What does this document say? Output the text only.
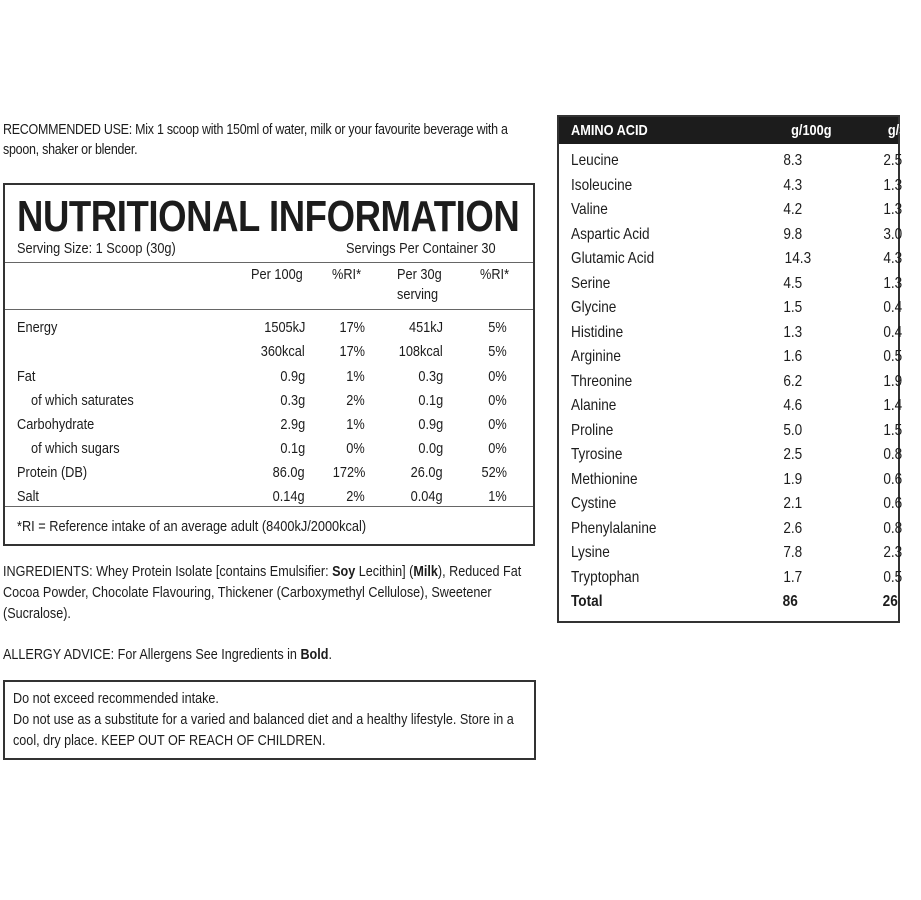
RECOMMENDED USE: Mix 1 scoop with 150ml of water, milk or your favourite beverage with a spoon, shaker or blender.
NUTRITIONAL INFORMATION
Serving Size: 1 Scoop (30g)	Servings Per Container 30
Per 100g %RI* Per 30g	%RI*
serving
Energy	1505kJ 17%	451kJ	5%
360kcal 17% 108kcal	5%
Fat	0.9g	1%	0.3g	0%
of which saturates	0.3g	2%	0.1g	0%
Carbohydrate	2.9g	1%	0.9g	0%
of which sugars	0.1g	0%	0.0g	0%
Protein (DB)	86.0g 172%	26.0g	52%
Salt	0.14g	2%	0.04g	1%
*RI = Reference intake of an average adult (8400kJ/2000kcal)
INGREDIENTS: Whey Protein Isolate [contains Emulsifier: Soy Lecithin] (Milk), Reduced Fat Cocoa Powder, Chocolate Flavouring, Thickener (Carboxymethyl Cellulose), Sweetener (Sucralose).
ALLERGY ADVICE: For Allergens See Ingredients in Bold.
Do not exceed recommended intake.
Do not use as a substitute for a varied and balanced diet and a healthy lifestyle. Store in a cool, dry place. KEEP OUT OF REACH OF CHILDREN.
AMINO ACID	g/100g	g/30g
Leucine	8.3	2.5
Isoleucine	4.3	1.3
Valine	4.2	1.3
Aspartic Acid	9.8	3.0
Glutamic Acid	14.3	4.3
Serine	4.5	1.3
Glycine	1.5	0.4
Histidine	1.3	0.4
Arginine	1.6	0.5
Threonine	6.2	1.9
Alanine	4.6	1.4
Proline	5.0	1.5
Tyrosine	2.5	0.8
Methionine	1.9	0.6
Cystine	2.1	0.6
Phenylalanine	2.6	0.8
Lysine	7.8	2.3
Tryptophan	1.7	0.5
Total	86	26
